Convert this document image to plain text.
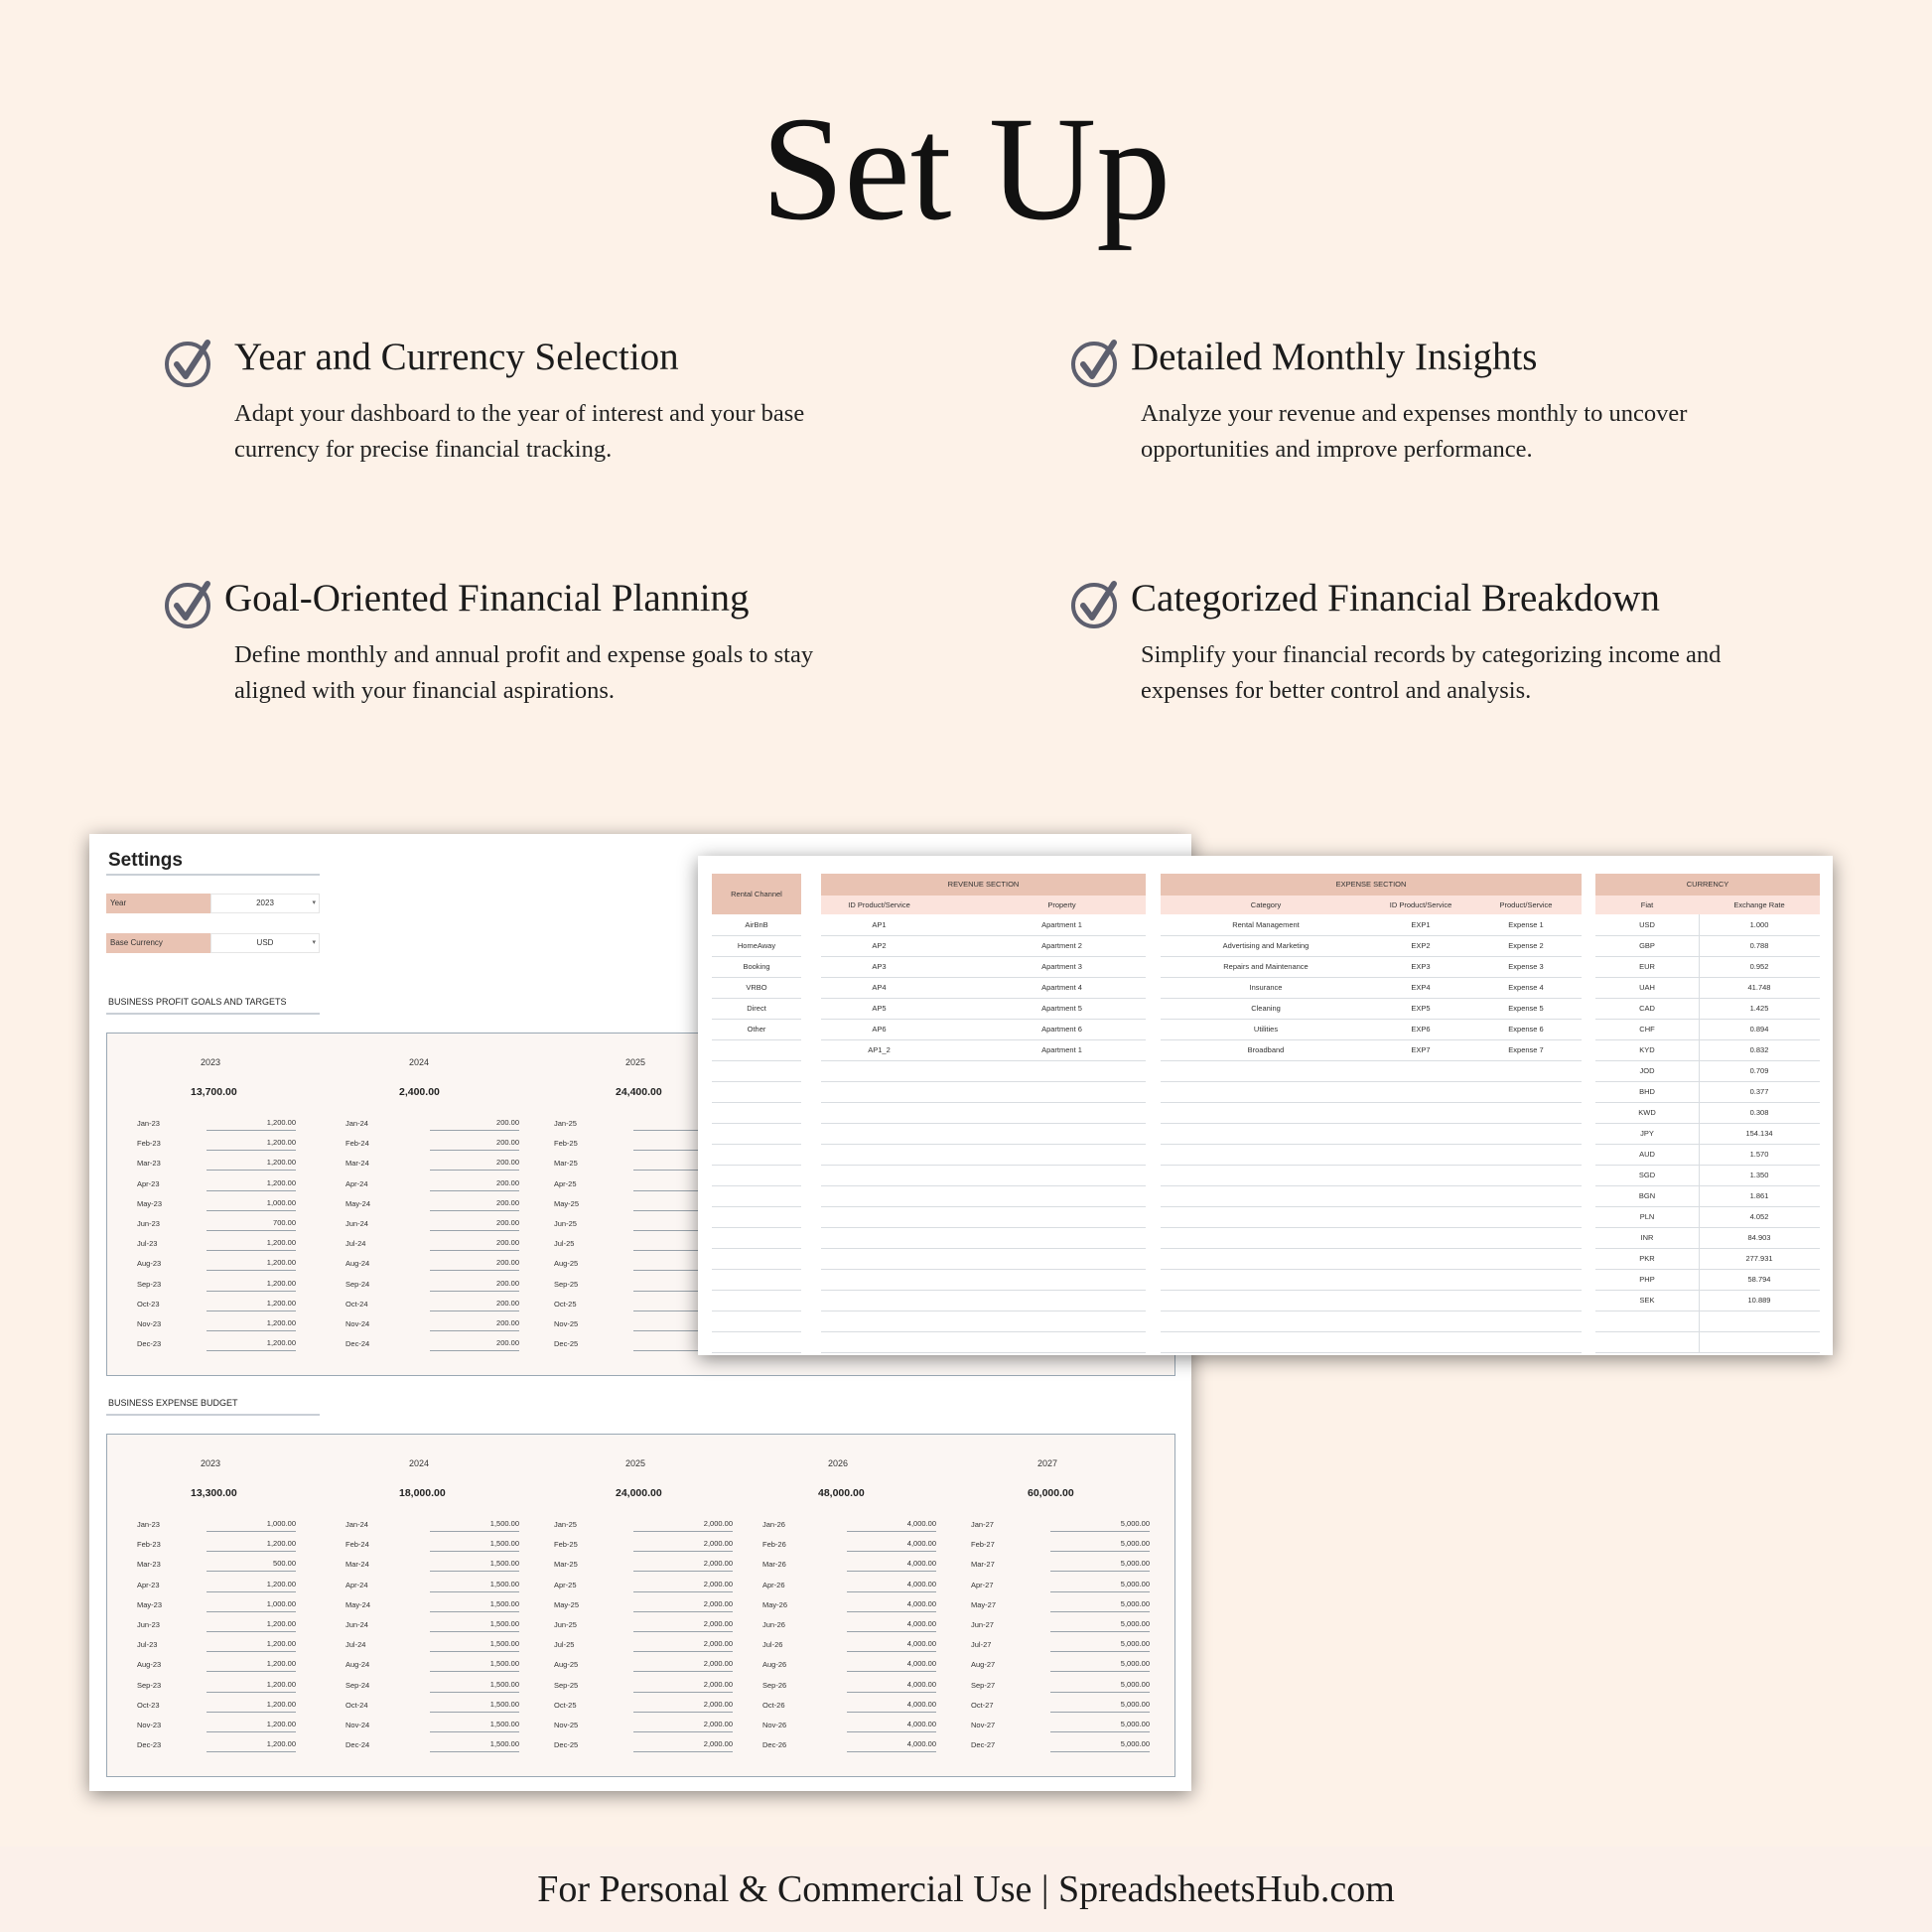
Set Up
Year and Currency Selection

Adapt your dashboard to the year of interest and your base currency for precise financial tracking.

Detailed Monthly Insights

Analyze your revenue and expenses monthly to uncover opportunities and improve performance.

Goal-Oriented Financial Planning

Define monthly and annual profit and expense goals to stay aligned with your financial aspirations.

Categorized Financial Breakdown

Simplify your financial records by categorizing income and expenses for better control and analysis.

Settings
Year	2023	▾
Base Currency	USD	▾
BUSINESS PROFIT GOALS AND TARGETS
2023
13,700.00
Jan-23	1,200.00
Feb-23	1,200.00
Mar-23	1,200.00
Apr-23	1,200.00
May-23	1,000.00
Jun-23	700.00
Jul-23	1,200.00
Aug-23	1,200.00
Sep-23	1,200.00
Oct-23	1,200.00
Nov-23	1,200.00
Dec-23	1,200.00
2024
2,400.00
Jan-24	200.00
Feb-24	200.00
Mar-24	200.00
Apr-24	200.00
May-24	200.00
Jun-24	200.00
Jul-24	200.00
Aug-24	200.00
Sep-24	200.00
Oct-24	200.00
Nov-24	200.00
Dec-24	200.00
2025
24,400.00
Jan-25
Feb-25
Mar-25
Apr-25
May-25
Jun-25
Jul-25
Aug-25
Sep-25
Oct-25
Nov-25
Dec-25
BUSINESS EXPENSE BUDGET
2023
13,300.00
Jan-23	1,000.00
Feb-23	1,200.00
Mar-23	500.00
Apr-23	1,200.00
May-23	1,000.00
Jun-23	1,200.00
Jul-23	1,200.00
Aug-23	1,200.00
Sep-23	1,200.00
Oct-23	1,200.00
Nov-23	1,200.00
Dec-23	1,200.00
2024
18,000.00
Jan-24	1,500.00
Feb-24	1,500.00
Mar-24	1,500.00
Apr-24	1,500.00
May-24	1,500.00
Jun-24	1,500.00
Jul-24	1,500.00
Aug-24	1,500.00
Sep-24	1,500.00
Oct-24	1,500.00
Nov-24	1,500.00
Dec-24	1,500.00
2025
24,000.00
Jan-25	2,000.00
Feb-25	2,000.00
Mar-25	2,000.00
Apr-25	2,000.00
May-25	2,000.00
Jun-25	2,000.00
Jul-25	2,000.00
Aug-25	2,000.00
Sep-25	2,000.00
Oct-25	2,000.00
Nov-25	2,000.00
Dec-25	2,000.00
2026
48,000.00
Jan-26	4,000.00
Feb-26	4,000.00
Mar-26	4,000.00
Apr-26	4,000.00
May-26	4,000.00
Jun-26	4,000.00
Jul-26	4,000.00
Aug-26	4,000.00
Sep-26	4,000.00
Oct-26	4,000.00
Nov-26	4,000.00
Dec-26	4,000.00
2027
60,000.00
Jan-27	5,000.00
Feb-27	5,000.00
Mar-27	5,000.00
Apr-27	5,000.00
May-27	5,000.00
Jun-27	5,000.00
Jul-27	5,000.00
Aug-27	5,000.00
Sep-27	5,000.00
Oct-27	5,000.00
Nov-27	5,000.00
Dec-27	5,000.00
Rental Channel
AirBnB
HomeAway
Booking
VRBO
Direct
Other
REVENUE SECTION
ID Product/Service	Property
AP1	Apartment 1
AP2	Apartment 2
AP3	Apartment 3
AP4	Apartment 4
AP5	Apartment 5
AP6	Apartment 6
AP1_2	Apartment 1
EXPENSE SECTION
Category	ID Product/Service	Product/Service
Rental Management	EXP1	Expense 1
Advertising and Marketing	EXP2	Expense 2
Repairs and Maintenance	EXP3	Expense 3
Insurance	EXP4	Expense 4
Cleaning	EXP5	Expense 5
Utilities	EXP6	Expense 6
Broadband	EXP7	Expense 7
CURRENCY
Fiat	Exchange Rate
USD	1.000
GBP	0.788
EUR	0.952
UAH	41.748
CAD	1.425
CHF	0.894
KYD	0.832
JOD	0.709
BHD	0.377
KWD	0.308
JPY	154.134
AUD	1.570
SGD	1.350
BGN	1.861
PLN	4.052
INR	84.903
PKR	277.931
PHP	58.794
SEK	10.889
For Personal & Commercial Use | SpreadsheetsHub.com
